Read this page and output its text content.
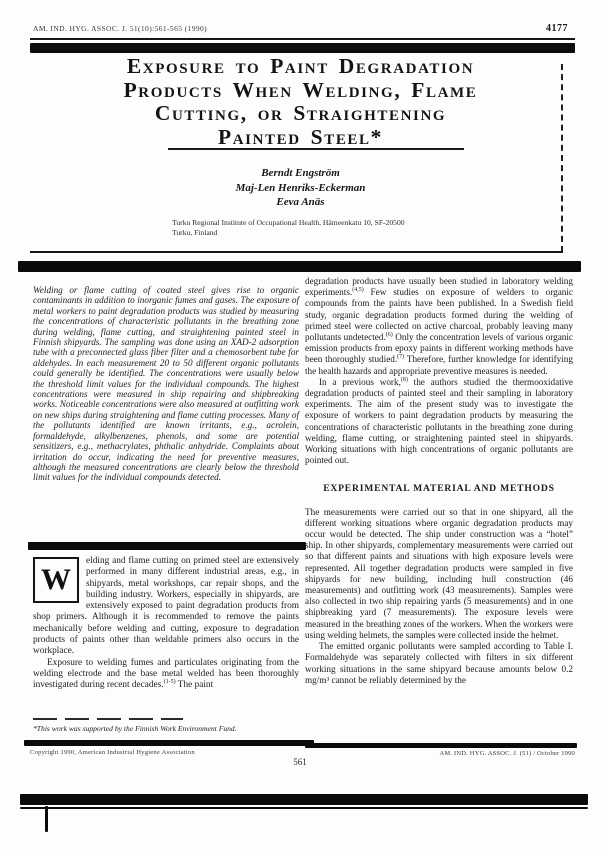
AM. IND. HYG. ASSOC. J. 51(10):561-565 (1990)	4177
Exposure to Paint Degradation
Products When Welding, Flame
Cutting, or Straightening
Painted Steel*
Berndt Engström
Maj-Len Henriks-Eckerman
Eeva Anäs
Turku Regional Institute of Occupational Health, Hämeenkatu 10, SF-20500
Turku, Finland
Welding or flame cutting of coated steel gives rise to organic contaminants in addition to inorganic fumes and gases. The exposure of metal workers to paint degradation products was studied by measuring the concentrations of characteristic pollutants in the breathing zone during welding, flame cutting, and straightening painted steel in Finnish shipyards. The sampling was done using an XAD-2 adsorption tube with a preconnected glass fiber filter and a chemosorbent tube for aldehydes. In each measurement 20 to 50 different organic pollutants could generally be identified. The concentrations were usually below the threshold limit values for the individual compounds. The highest concentrations were measured in ship repairing and shipbreaking works. Noticeable concentrations were also measured at outfitting work on new ships during straightening and flame cutting processes. Many of the pollutants identified are known irritants, e.g., acrolein, formaldehyde, alkylbenzenes, phenols, and some are potential sensitizers, e.g., methacrylates, phthalic anhydride. Complaints about irritation do occur, indicating the need for preventive measures, although the measured concentrations are clearly below the threshold limit values for the individual compounds detected.

W
elding and flame cutting on primed steel are extensively performed in many different industrial areas, e.g., in shipyards, metal workshops, car repair shops, and the building industry. Workers, especially in shipyards, are extensively exposed to paint degradation products from shop primers. Although it is recommended to remove the paints mechanically before welding and cutting, exposure to degradation products of paints other than weldable primers also occurs in the workplace.

Exposure to welding fumes and particulates originating from the welding electrode and the base metal welded has been thoroughly investigated during recent decades.$^{(1-5)}$ The paint

*This work was supported by the Finnish Work Environment Fund.

degradation products have usually been studied in laboratory welding experiments.$^{(4,5)}$ Few studies on exposure of welders to organic compounds from the paints have been published. In a Swedish field study, organic degradation products formed during the welding of primed steel were collected on active charcoal, probably leaving many pollutants undetected.$^{(6)}$ Only the concentration levels of various organic emission products from epoxy paints in different working methods have been thoroughly studied.$^{(7)}$ Therefore, further knowledge for identifying the health hazards and appropriate preventive measures is needed.

In a previous work,$^{(8)}$ the authors studied the thermooxidative degradation products of painted steel and their sampling in laboratory experiments. The aim of the present study was to investigate the exposure of workers to paint degradation products by measuring the concentrations of characteristic pollutants in the breathing zone during welding, flame cutting, or straightening painted steel in shipyards. Working situations with high concentrations of organic pollutants are pointed out.

EXPERIMENTAL MATERIAL AND METHODS

The measurements were carried out so that in one shipyard, all the different working situations where organic degradation products may occur would be detected. The ship under construction was a “hotel” ship. In other shipyards, complementary measurements were carried out so that different paints and situations with high exposure levels were represented. All together degradation products were sampled in five shipyards for new building, including hull construction (46 measurements) and outfitting work (43 measurements). Samples were also collected in two ship repairing yards (5 measurements) and in one shipbreaking yard (7 measurements). The exposure levels were measured in the breathing zones of the workers. When the workers were using welding helmets, the samples were collected inside the helmet.

The emitted organic pollutants were sampled according to Table I. Formaldehyde was separately collected with filters in six different working situations in the same shipyard because amounts below 0.2 mg/m³ cannot be reliably determined by the

Copyright 1990, American Industrial Hygiene Association
561
AM. IND. HYG. ASSOC. J. (51) / October 1990
